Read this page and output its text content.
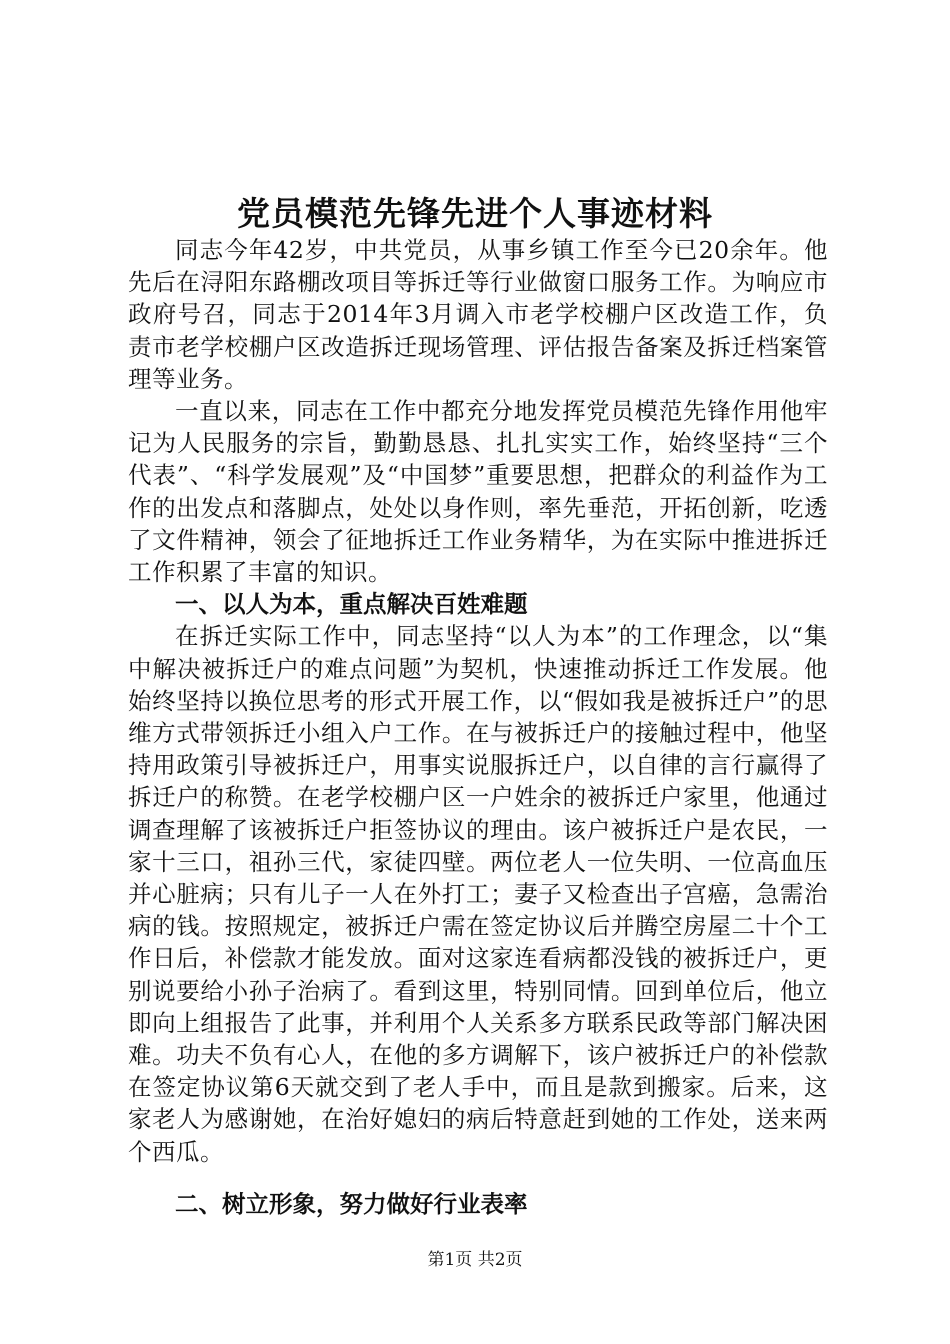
党员模范先锋先进个人事迹材料

同志今年42岁，中共党员，从事乡镇工作至今已20余年。他先后在浔阳东路棚改项目等拆迁等行业做窗口服务工作。为响应市政府号召，同志于2014年3月调入市老学校棚户区改造工作，负责市老学校棚户区改造拆迁现场管理、评估报告备案及拆迁档案管理等业务。

一直以来，同志在工作中都充分地发挥党员模范先锋作用他牢记为人民服务的宗旨，勤勤恳恳、扎扎实实工作，始终坚持“三个代表”、“科学发展观”及“中国梦”重要思想，把群众的利益作为工作的出发点和落脚点，处处以身作则，率先垂范，开拓创新，吃透了文件精神，领会了征地拆迁工作业务精华，为在实际中推进拆迁工作积累了丰富的知识。

一、以人为本，重点解决百姓难题

在拆迁实际工作中，同志坚持“以人为本”的工作理念，以“集中解决被拆迁户的难点问题”为契机，快速推动拆迁工作发展。他始终坚持以换位思考的形式开展工作，以“假如我是被拆迁户”的思维方式带领拆迁小组入户工作。在与被拆迁户的接触过程中，他坚持用政策引导被拆迁户，用事实说服拆迁户，以自律的言行赢得了拆迁户的称赞。在老学校棚户区一户姓余的被拆迁户家里，他通过调查理解了该被拆迁户拒签协议的理由。该户被拆迁户是农民，一家十三口，祖孙三代，家徒四壁。两位老人一位失明、一位高血压并心脏病；只有儿子一人在外打工；妻子又检查出子宫癌，急需治病的钱。按照规定，被拆迁户需在签定协议后并腾空房屋二十个工作日后，补偿款才能发放。面对这家连看病都没钱的被拆迁户，更别说要给小孙子治病了。看到这里，特别同情。回到单位后，他立即向上组报告了此事，并利用个人关系多方联系民政等部门解决困难。功夫不负有心人，在他的多方调解下，该户被拆迁户的补偿款在签定协议第6天就交到了老人手中，而且是款到搬家。后来，这家老人为感谢她，在治好媳妇的病后特意赶到她的工作处，送来两个西瓜。

二、树立形象，努力做好行业表率
第1页 共2页
